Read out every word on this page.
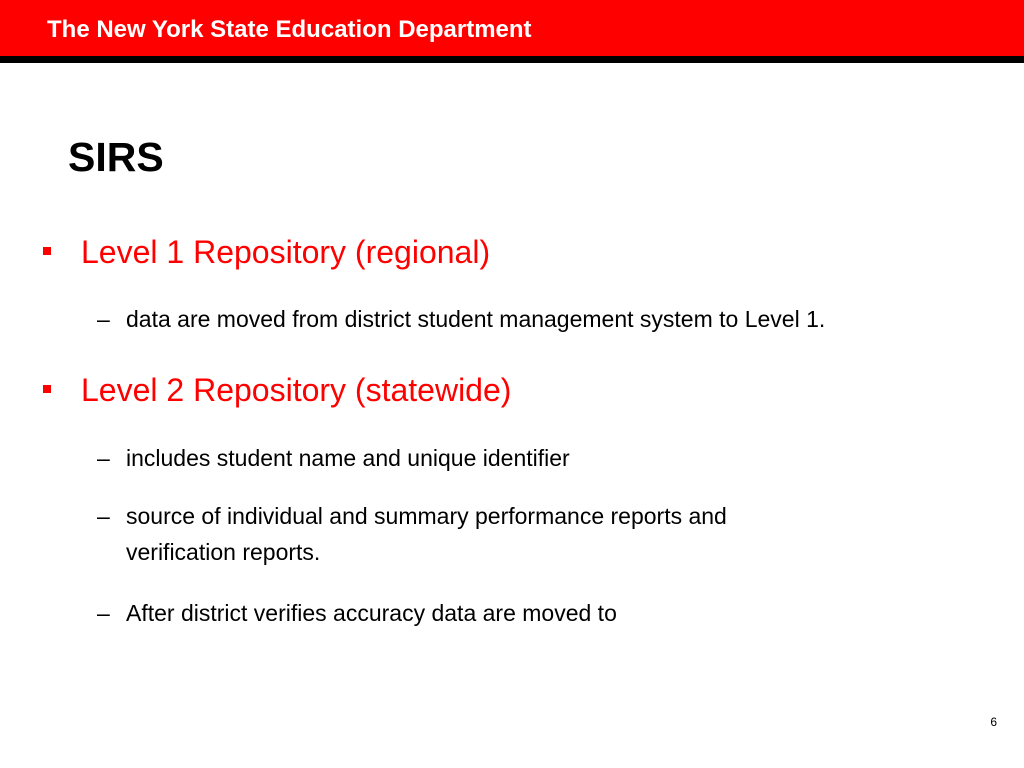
The New York State Education Department
SIRS
Level 1 Repository (regional)
– data are moved from district student management system to Level 1.
Level 2 Repository (statewide)
– includes student name and unique identifier
– source of individual and summary performance reports and
verification reports.
– After district verifies accuracy data are moved to
6
